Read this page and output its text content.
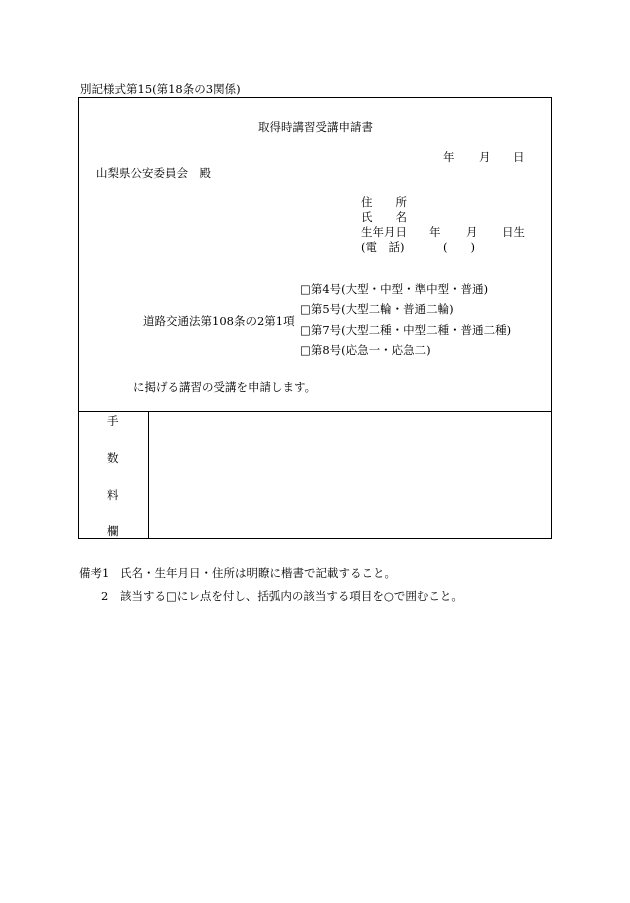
別記様式第15(第18条の3関係)
取得時講習受講申請書
年 月 日
山梨県公安委員会　殿
住　　所
氏　　名
生年月日 年 月 日生
(電　話)	(　　)
道路交通法第108条の2第1項
□第4号(大型・中型・準中型・普通)
□第5号(大型二輪・普通二輪)
□第7号(大型二種・中型二種・普通二種)
□第8号(応急一・応急二)
に掲げる講習の受講を申請します。
手
数
料
欄
備考1 氏名・生年月日・住所は明瞭に楷書で記載すること。
2 該当する□にレ点を付し、括弧内の該当する項目を○で囲むこと。
